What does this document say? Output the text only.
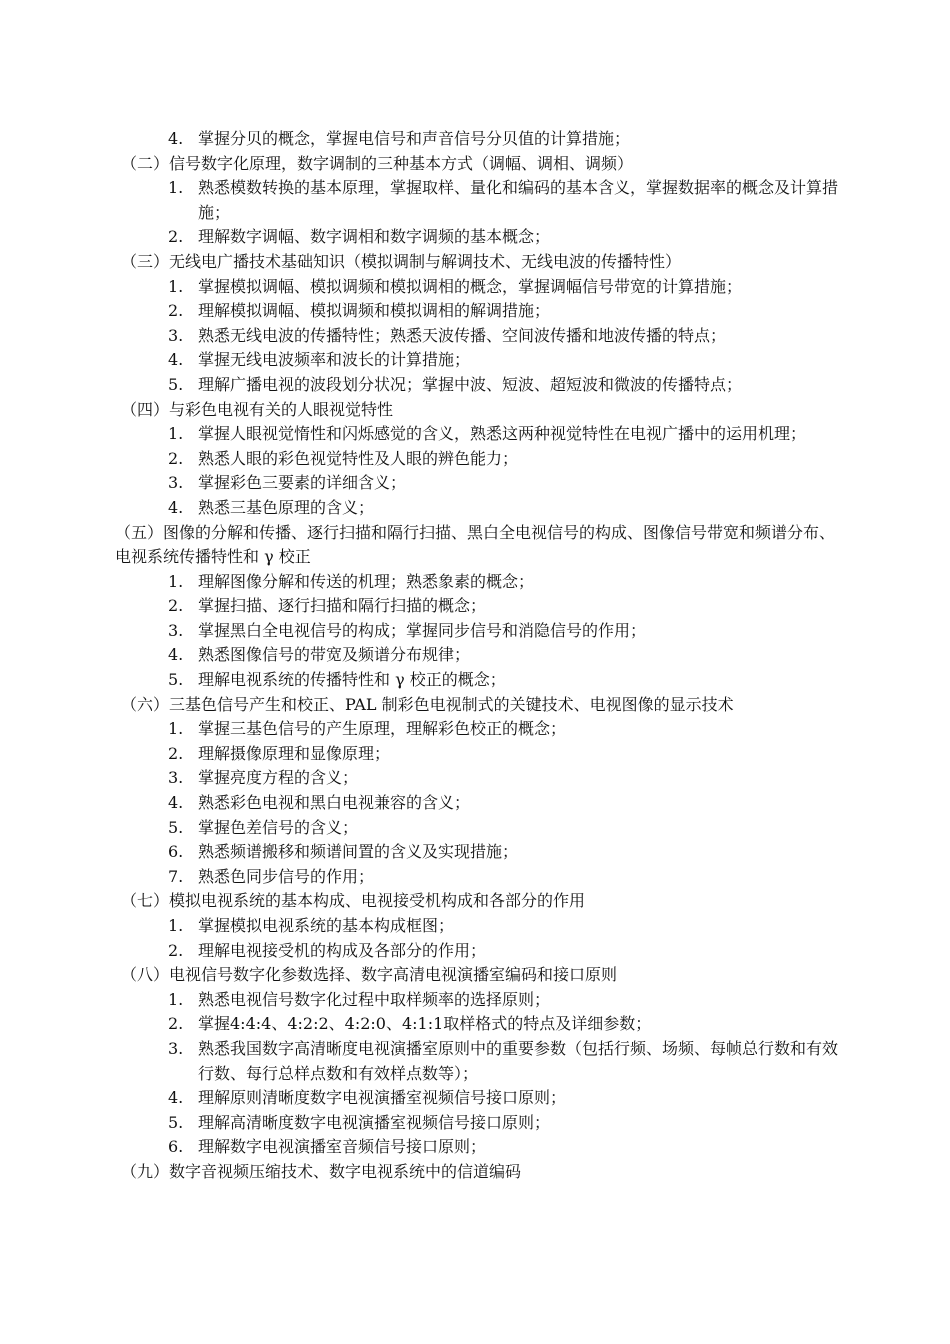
4. 掌握分贝的概念，掌握电信号和声音信号分贝值的计算措施；

（二）信号数字化原理，数字调制的三种基本方式（调幅、调相、调频）

1. 熟悉模数转换的基本原理，掌握取样、量化和编码的基本含义，掌握数据率的概念及计算措施；
2. 理解数字调幅、数字调相和数字调频的基本概念；

（三）无线电广播技术基础知识（模拟调制与解调技术、无线电波的传播特性）

1. 掌握模拟调幅、模拟调频和模拟调相的概念，掌握调幅信号带宽的计算措施；
2. 理解模拟调幅、模拟调频和模拟调相的解调措施；
3. 熟悉无线电波的传播特性；熟悉天波传播、空间波传播和地波传播的特点；
4. 掌握无线电波频率和波长的计算措施；
5. 理解广播电视的波段划分状况；掌握中波、短波、超短波和微波的传播特点；

（四）与彩色电视有关的人眼视觉特性

1. 掌握人眼视觉惰性和闪烁感觉的含义，熟悉这两种视觉特性在电视广播中的运用机理；
2. 熟悉人眼的彩色视觉特性及人眼的辨色能力；
3. 掌握彩色三要素的详细含义；
4. 熟悉三基色原理的含义；

（五）图像的分解和传播、逐行扫描和隔行扫描、黑白全电视信号的构成、图像信号带宽和频谱分布、电视系统传播特性和 γ 校正

1. 理解图像分解和传送的机理；熟悉象素的概念；
2. 掌握扫描、逐行扫描和隔行扫描的概念；
3. 掌握黑白全电视信号的构成；掌握同步信号和消隐信号的作用；
4. 熟悉图像信号的带宽及频谱分布规律；
5. 理解电视系统的传播特性和 γ 校正的概念；

（六）三基色信号产生和校正、PAL 制彩色电视制式的关键技术、电视图像的显示技术

1. 掌握三基色信号的产生原理，理解彩色校正的概念；
2. 理解摄像原理和显像原理；
3. 掌握亮度方程的含义；
4. 熟悉彩色电视和黑白电视兼容的含义；
5. 掌握色差信号的含义；
6. 熟悉频谱搬移和频谱间置的含义及实现措施；
7. 熟悉色同步信号的作用；

（七）模拟电视系统的基本构成、电视接受机构成和各部分的作用

1. 掌握模拟电视系统的基本构成框图；
2. 理解电视接受机的构成及各部分的作用；

（八）电视信号数字化参数选择、数字高清电视演播室编码和接口原则

1. 熟悉电视信号数字化过程中取样频率的选择原则；
2. 掌握4:4:4、4:2:2、4:2:0、4:1:1取样格式的特点及详细参数；
3. 熟悉我国数字高清晰度电视演播室原则中的重要参数（包括行频、场频、每帧总行数和有效行数、每行总样点数和有效样点数等）；
4. 理解原则清晰度数字电视演播室视频信号接口原则；
5. 理解高清晰度数字电视演播室视频信号接口原则；
6. 理解数字电视演播室音频信号接口原则；

（九）数字音视频压缩技术、数字电视系统中的信道编码
